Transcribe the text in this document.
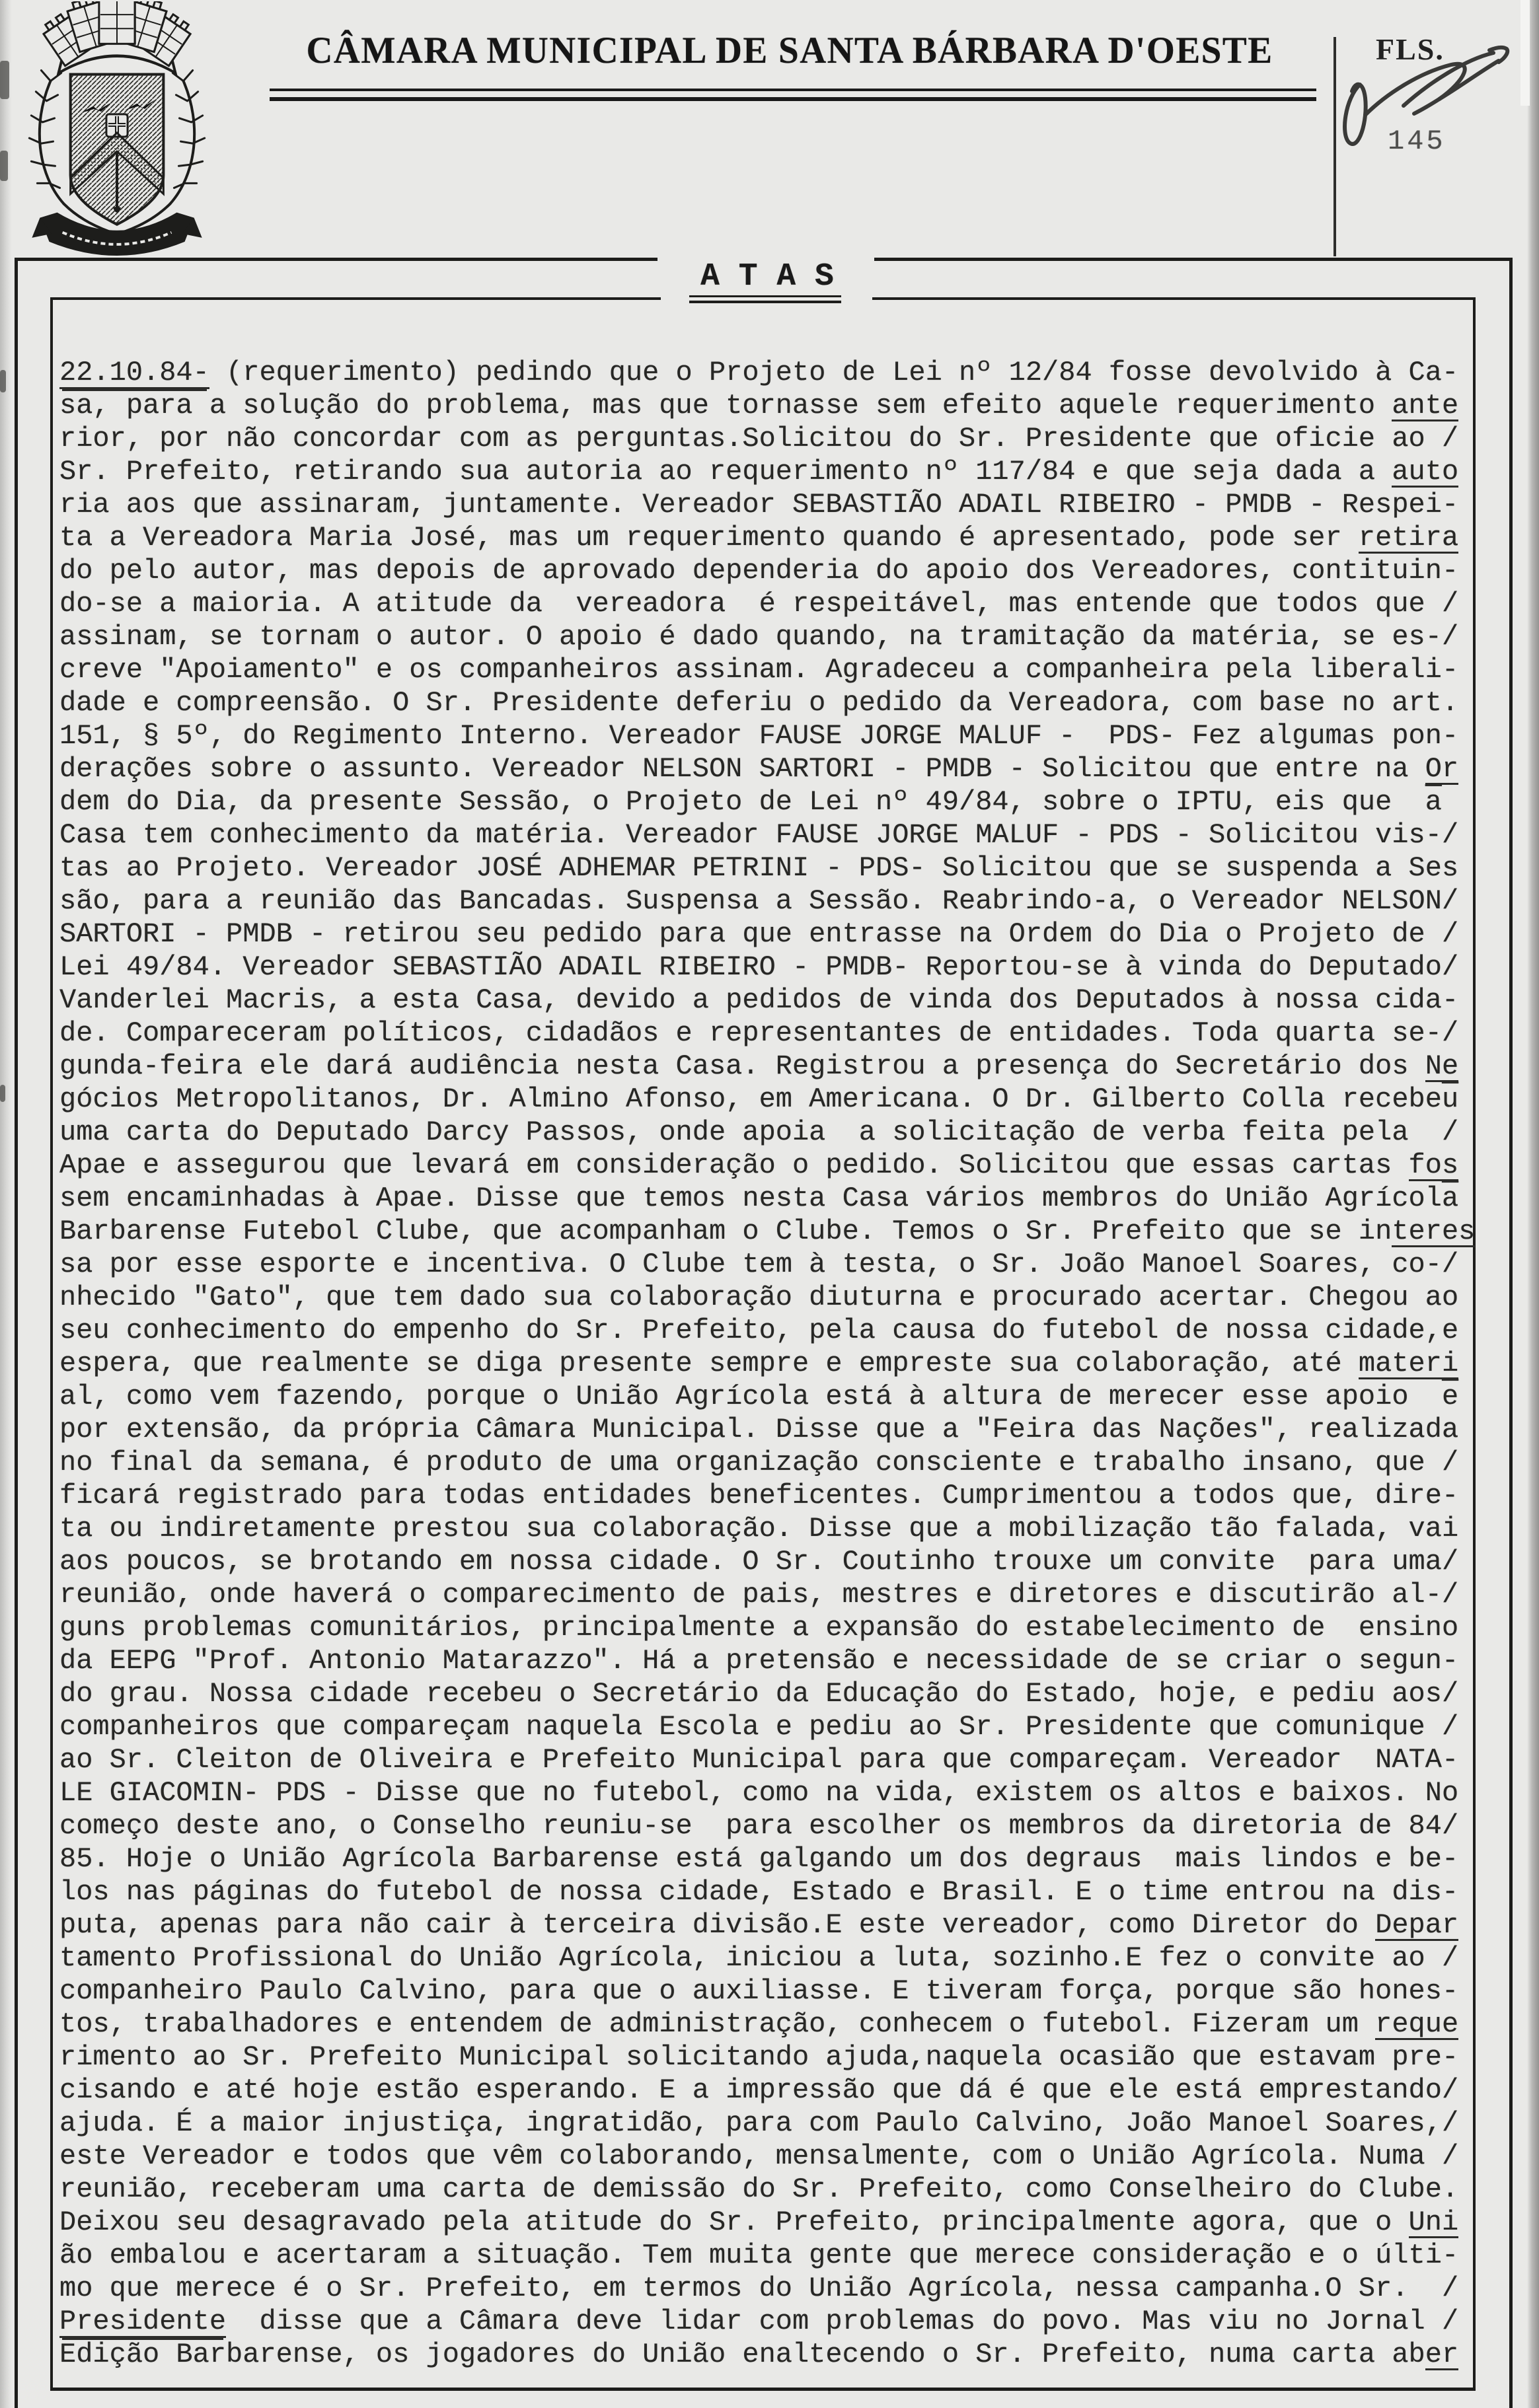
CÂMARA MUNICIPAL DE SANTA BÁRBARA D'OESTE	FLS.
145
A T A S
22.10.84- (requerimento) pedindo que o Projeto de Lei nº 12/84 fosse devolvido à Ca-
sa, para a solução do problema, mas que tornasse sem efeito aquele requerimento ante
rior, por não concordar com as perguntas.Solicitou do Sr. Presidente que oficie ao /
Sr. Prefeito, retirando sua autoria ao requerimento nº 117/84 e que seja dada a auto
ria aos que assinaram, juntamente. Vereador SEBASTIÃO ADAIL RIBEIRO - PMDB - Respei-
ta a Vereadora Maria José, mas um requerimento quando é apresentado, pode ser retira
do pelo autor, mas depois de aprovado dependeria do apoio dos Vereadores, contituin-
do-se a maioria. A atitude da  vereadora  é respeitável, mas entende que todos que /
assinam, se tornam o autor. O apoio é dado quando, na tramitação da matéria, se es-/
creve "Apoiamento" e os companheiros assinam. Agradeceu a companheira pela liberali-
dade e compreensão. O Sr. Presidente deferiu o pedido da Vereadora, com base no art.
151, § 5º, do Regimento Interno. Vereador FAUSE JORGE MALUF -  PDS- Fez algumas pon-
derações sobre o assunto. Vereador NELSON SARTORI - PMDB - Solicitou que entre na Or
dem do Dia, da presente Sessão, o Projeto de Lei nº 49/84, sobre o IPTU, eis que  $\overline{a}$
Casa tem conhecimento da matéria. Vereador FAUSE JORGE MALUF - PDS - Solicitou vis-/
tas ao Projeto. Vereador JOSÉ ADHEMAR PETRINI - PDS- Solicitou que se suspenda a Ses
são, para a reunião das Bancadas. Suspensa a Sessão. Reabrindo-a, o Vereador NELSON/
SARTORI - PMDB - retirou seu pedido para que entrasse na Ordem do Dia o Projeto de /
Lei 49/84. Vereador SEBASTIÃO ADAIL RIBEIRO - PMDB- Reportou-se à vinda do Deputado/
Vanderlei Macris, a esta Casa, devido a pedidos de vinda dos Deputados à nossa cida-
de. Compareceram políticos, cidadãos e representantes de entidades. Toda quarta se-/
gunda-feira ele dará audiência nesta Casa. Registrou a presença do Secretário dos Ne
gócios Metropolitanos, Dr. Almino Afonso, em Americana. O Dr. Gilberto Colla $recebe\overline{u}$
uma carta do Deputado Darcy Passos, onde apoia  a solicitação de verba feita pela  /
Apae e assegurou que levará em consideração o pedido. Solicitou que essas cartas fos
sem encaminhadas à Apae. Disse que temos nesta Casa vários membros do União $Agrícol\overline{a}$
Barbarense Futebol Clube, que acompanham o Clube. Temos o Sr. Prefeito que se interes
sa por esse esporte e incentiva. O Clube tem à testa, o Sr. João Manoel Soares, co-/
nhecido "Gato", que tem dado sua colaboração diuturna e procurado acertar. Chegou ao
seu conhecimento do empenho do Sr. Prefeito, pela causa do futebol de nossa cidade,e
espera, que realmente se diga presente sempre e empreste sua colaboração, até materi
al, como vem fazendo, porque o União Agrícola está à altura de merecer esse apoio  $\overline{e}$
por extensão, da própria Câmara Municipal. Disse que a "Feira das Nações", realizada
no final da semana, é produto de uma organização consciente e trabalho insano, que /
ficará registrado para todas entidades beneficentes. Cumprimentou a todos que, dire-
ta ou indiretamente prestou sua colaboração. Disse que a mobilização tão falada, vai
aos poucos, se brotando em nossa cidade. O Sr. Coutinho trouxe um convite  para uma/
reunião, onde haverá o comparecimento de pais, mestres e diretores e discutirão al-/
guns problemas comunitários, principalmente a expansão do estabelecimento de  ensino
da EEPG "Prof. Antonio Matarazzo". Há a pretensão e necessidade de se criar o segun-
do grau. Nossa cidade recebeu o Secretário da Educação do Estado, hoje, e pediu aos/
companheiros que compareçam naquela Escola e pediu ao Sr. Presidente que comunique /
ao Sr. Cleiton de Oliveira e Prefeito Municipal para que compareçam. Vereador  NATA-
LE GIACOMIN- PDS - Disse que no futebol, como na vida, existem os altos e baixos. No
começo deste ano, o Conselho reuniu-se  para escolher os membros da diretoria de 84/
85. Hoje o União Agrícola Barbarense está galgando um dos degraus  mais lindos e be-
los nas páginas do futebol de nossa cidade, Estado e Brasil. E o time entrou na dis-
puta, apenas para não cair à terceira divisão.E este vereador, como Diretor do Depar
tamento Profissional do União Agrícola, iniciou a luta, sozinho.E fez o convite ao /
companheiro Paulo Calvino, para que o auxiliasse. E tiveram força, porque são hones-
tos, trabalhadores e entendem de administração, conhecem o futebol. Fizeram um reque
rimento ao Sr. Prefeito Municipal solicitando ajuda,naquela ocasião que estavam pre-
cisando e até hoje estão esperando. E a impressão que dá é que ele está emprestando/
ajuda. É a maior injustiça, ingratidão, para com Paulo Calvino, João Manoel Soares,/
este Vereador e todos que vêm colaborando, mensalmente, com o União Agrícola. Numa /
reunião, receberam uma carta de demissão do Sr. Prefeito, como Conselheiro do Clube.
Deixou seu desagravado pela atitude do Sr. Prefeito, principalmente agora, que o Uni
ão embalou e acertaram a situação. Tem muita gente que merece consideração e o últi-
mo que merece é o Sr. Prefeito, em termos do União Agrícola, nessa campanha.O Sr.  /
Presidente  disse que a Câmara deve lidar com problemas do povo. Mas viu no Jornal /
Edição Barbarense, os jogadores do União enaltecendo o Sr. Prefeito, numa carta aber
